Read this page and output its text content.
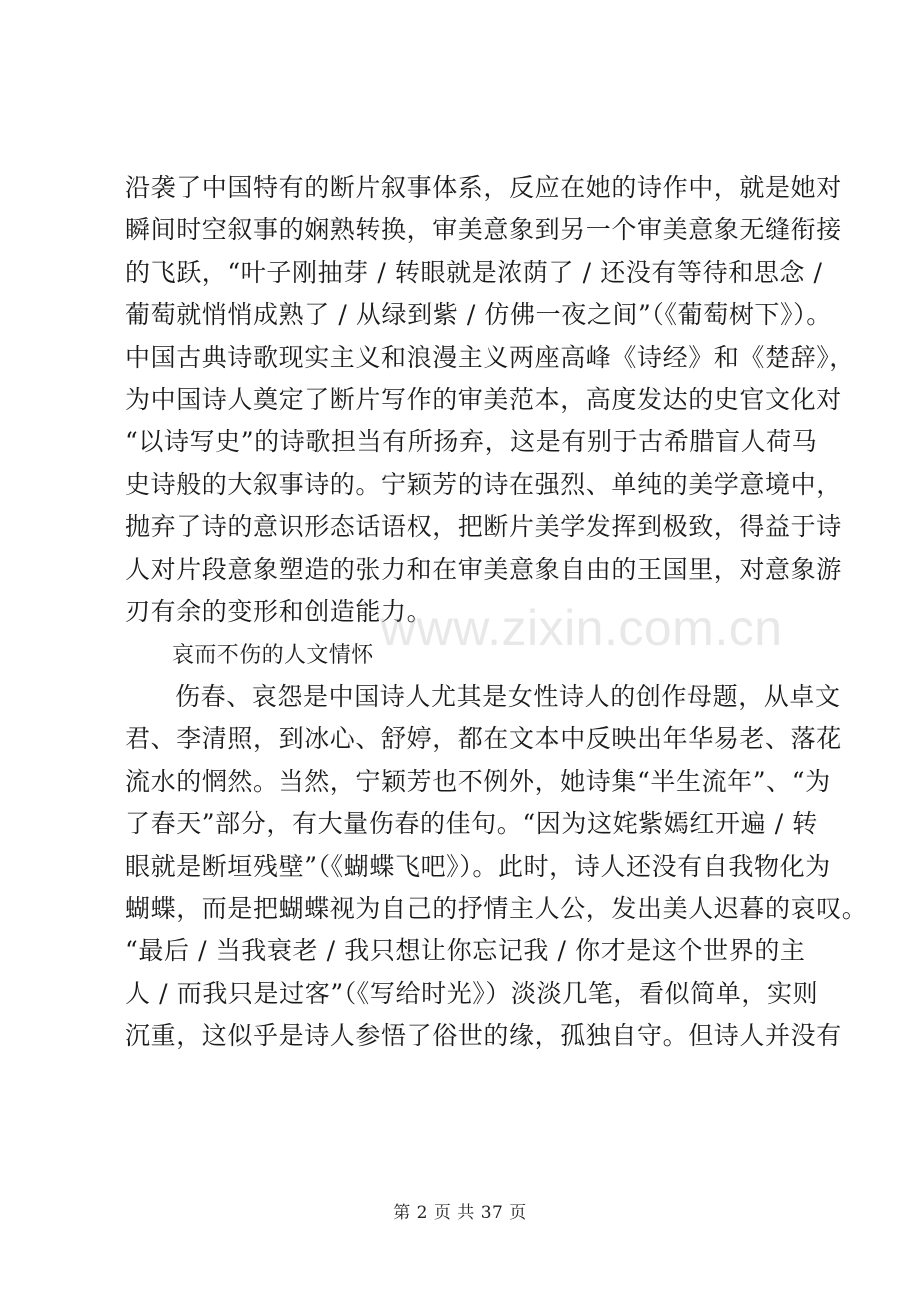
沿袭了中国特有的断片叙事体系，反应在她的诗作中，就是她对
瞬间时空叙事的娴熟转换，审美意象到另一个审美意象无缝衔接
的飞跃，“叶子刚抽芽 / 转眼就是浓荫了 / 还没有等待和思念 /
葡萄就悄悄成熟了 / 从绿到紫 / 仿佛一夜之间”（《葡萄树下》）。
中国古典诗歌现实主义和浪漫主义两座高峰《诗经》和《楚辞》，
为中国诗人奠定了断片写作的审美范本，高度发达的史官文化对
“以诗写史”的诗歌担当有所扬弃，这是有别于古希腊盲人荷马
史诗般的大叙事诗的。宁颖芳的诗在强烈、单纯的美学意境中，
抛弃了诗的意识形态话语权，把断片美学发挥到极致，得益于诗
人对片段意象塑造的张力和在审美意象自由的王国里，对意象游
刃有余的变形和创造能力。
哀而不伤的人文情怀
伤春、哀怨是中国诗人尤其是女性诗人的创作母题，从卓文
君、李清照，到冰心、舒婷，都在文本中反映出年华易老、落花
流水的惘然。当然，宁颖芳也不例外，她诗集“半生流年”、“为
了春天”部分，有大量伤春的佳句。“因为这姹紫嫣红开遍 / 转
眼就是断垣残壁”（《蝴蝶飞吧》）。此时，诗人还没有自我物化为
蝴蝶，而是把蝴蝶视为自己的抒情主人公，发出美人迟暮的哀叹。
“最后 / 当我衰老 / 我只想让你忘记我 / 你才是这个世界的主
人 / 而我只是过客”（《写给时光》）淡淡几笔，看似简单，实则
沉重，这似乎是诗人参悟了俗世的缘，孤独自守。但诗人并没有
www.zixin.com.cn
第 2 页 共 37 页
